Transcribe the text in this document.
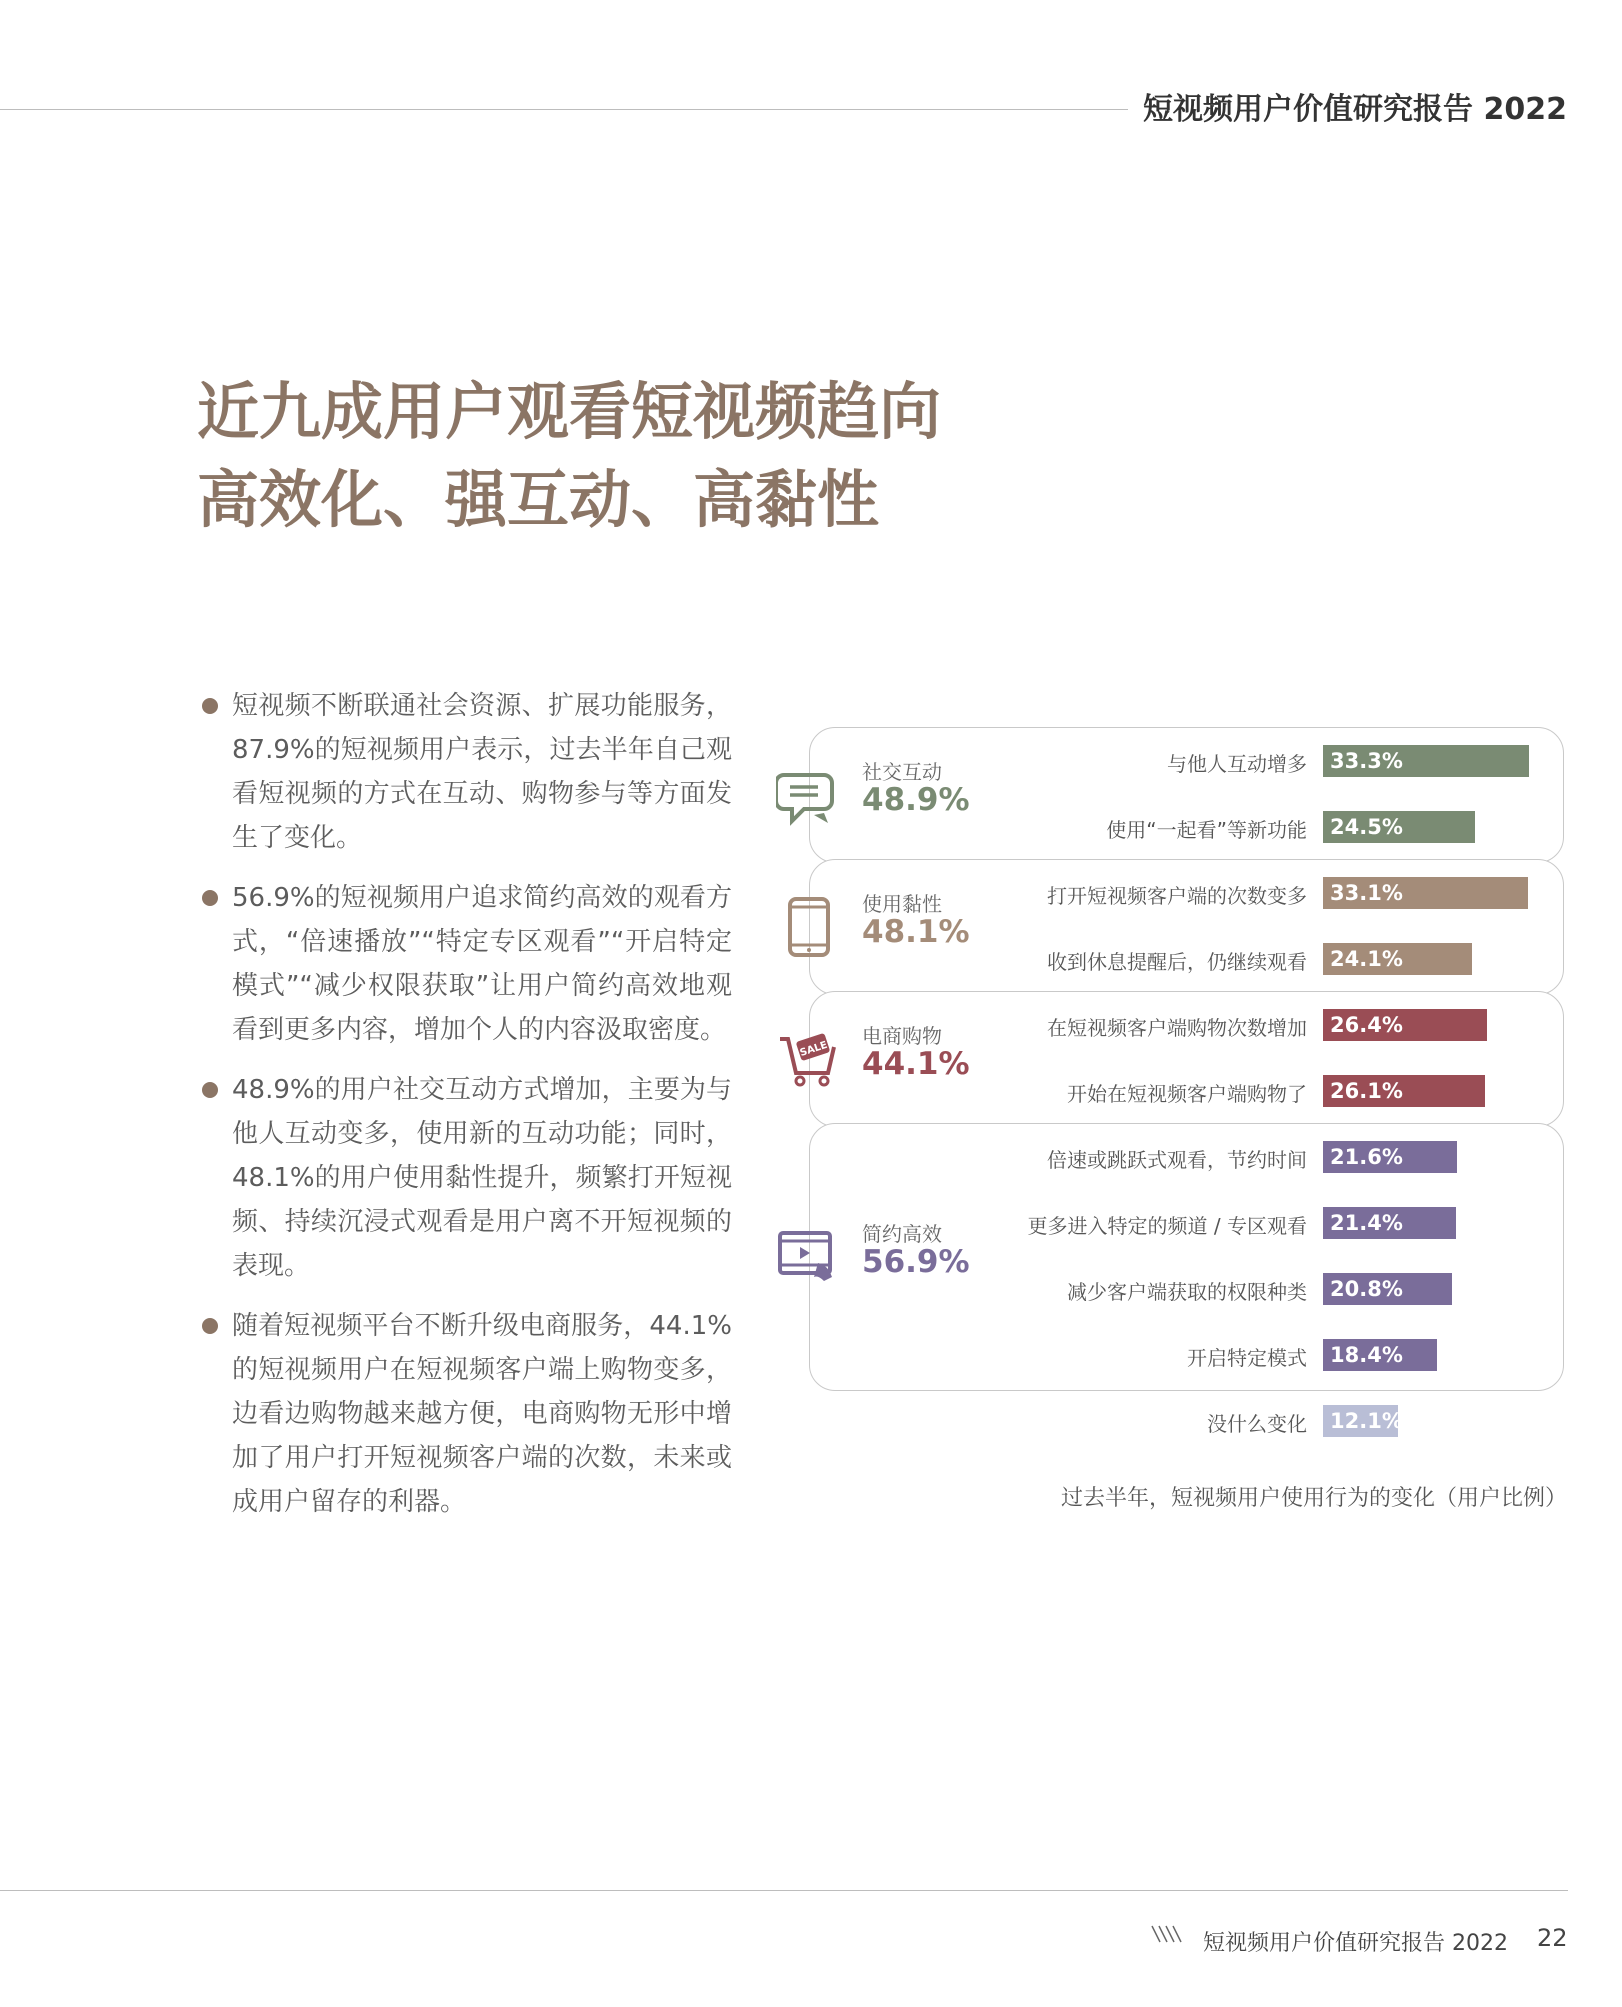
短视频用户价值研究报告 2022
近九成用户观看短视频趋向
高效化、强互动、高黏性
短视频不断联通社会资源、扩展功能服务，87.9%的短视频用户表示，过去半年自己观看短视频的方式在互动、购物参与等方面发生了变化。
56.9%的短视频用户追求简约高效的观看方式，“倍速播放”“特定专区观看”“开启特定模式”“减少权限获取”让用户简约高效地观看到更多内容，增加个人的内容汲取密度。
48.9%的用户社交互动方式增加，主要为与他人互动变多，使用新的互动功能；同时，48.1%的用户使用黏性提升，频繁打开短视频、持续沉浸式观看是用户离不开短视频的表现。
随着短视频平台不断升级电商服务，44.1%的短视频用户在短视频客户端上购物变多，边看边购物越来越方便，电商购物无形中增加了用户打开短视频客户端的次数，未来或成用户留存的利器。
社交互动
48.9%
与他人互动增多 33.3%
使用“一起看”等新功能 24.5%
使用黏性
48.1%
打开短视频客户端的次数变多 33.1%
收到休息提醒后，仍继续观看 24.1%
SALE
电商购物
44.1%
在短视频客户端购物次数增加 26.4%
开始在短视频客户端购物了 26.1%
简约高效
56.9%
倍速或跳跃式观看，节约时间 21.6%
更多进入特定的频道 / 专区观看 21.4%
减少客户端获取的权限种类 20.8%
开启特定模式 18.4%
没什么变化 12.1%
过去半年，短视频用户使用行为的变化（用户比例）
短视频用户价值研究报告 2022 22
